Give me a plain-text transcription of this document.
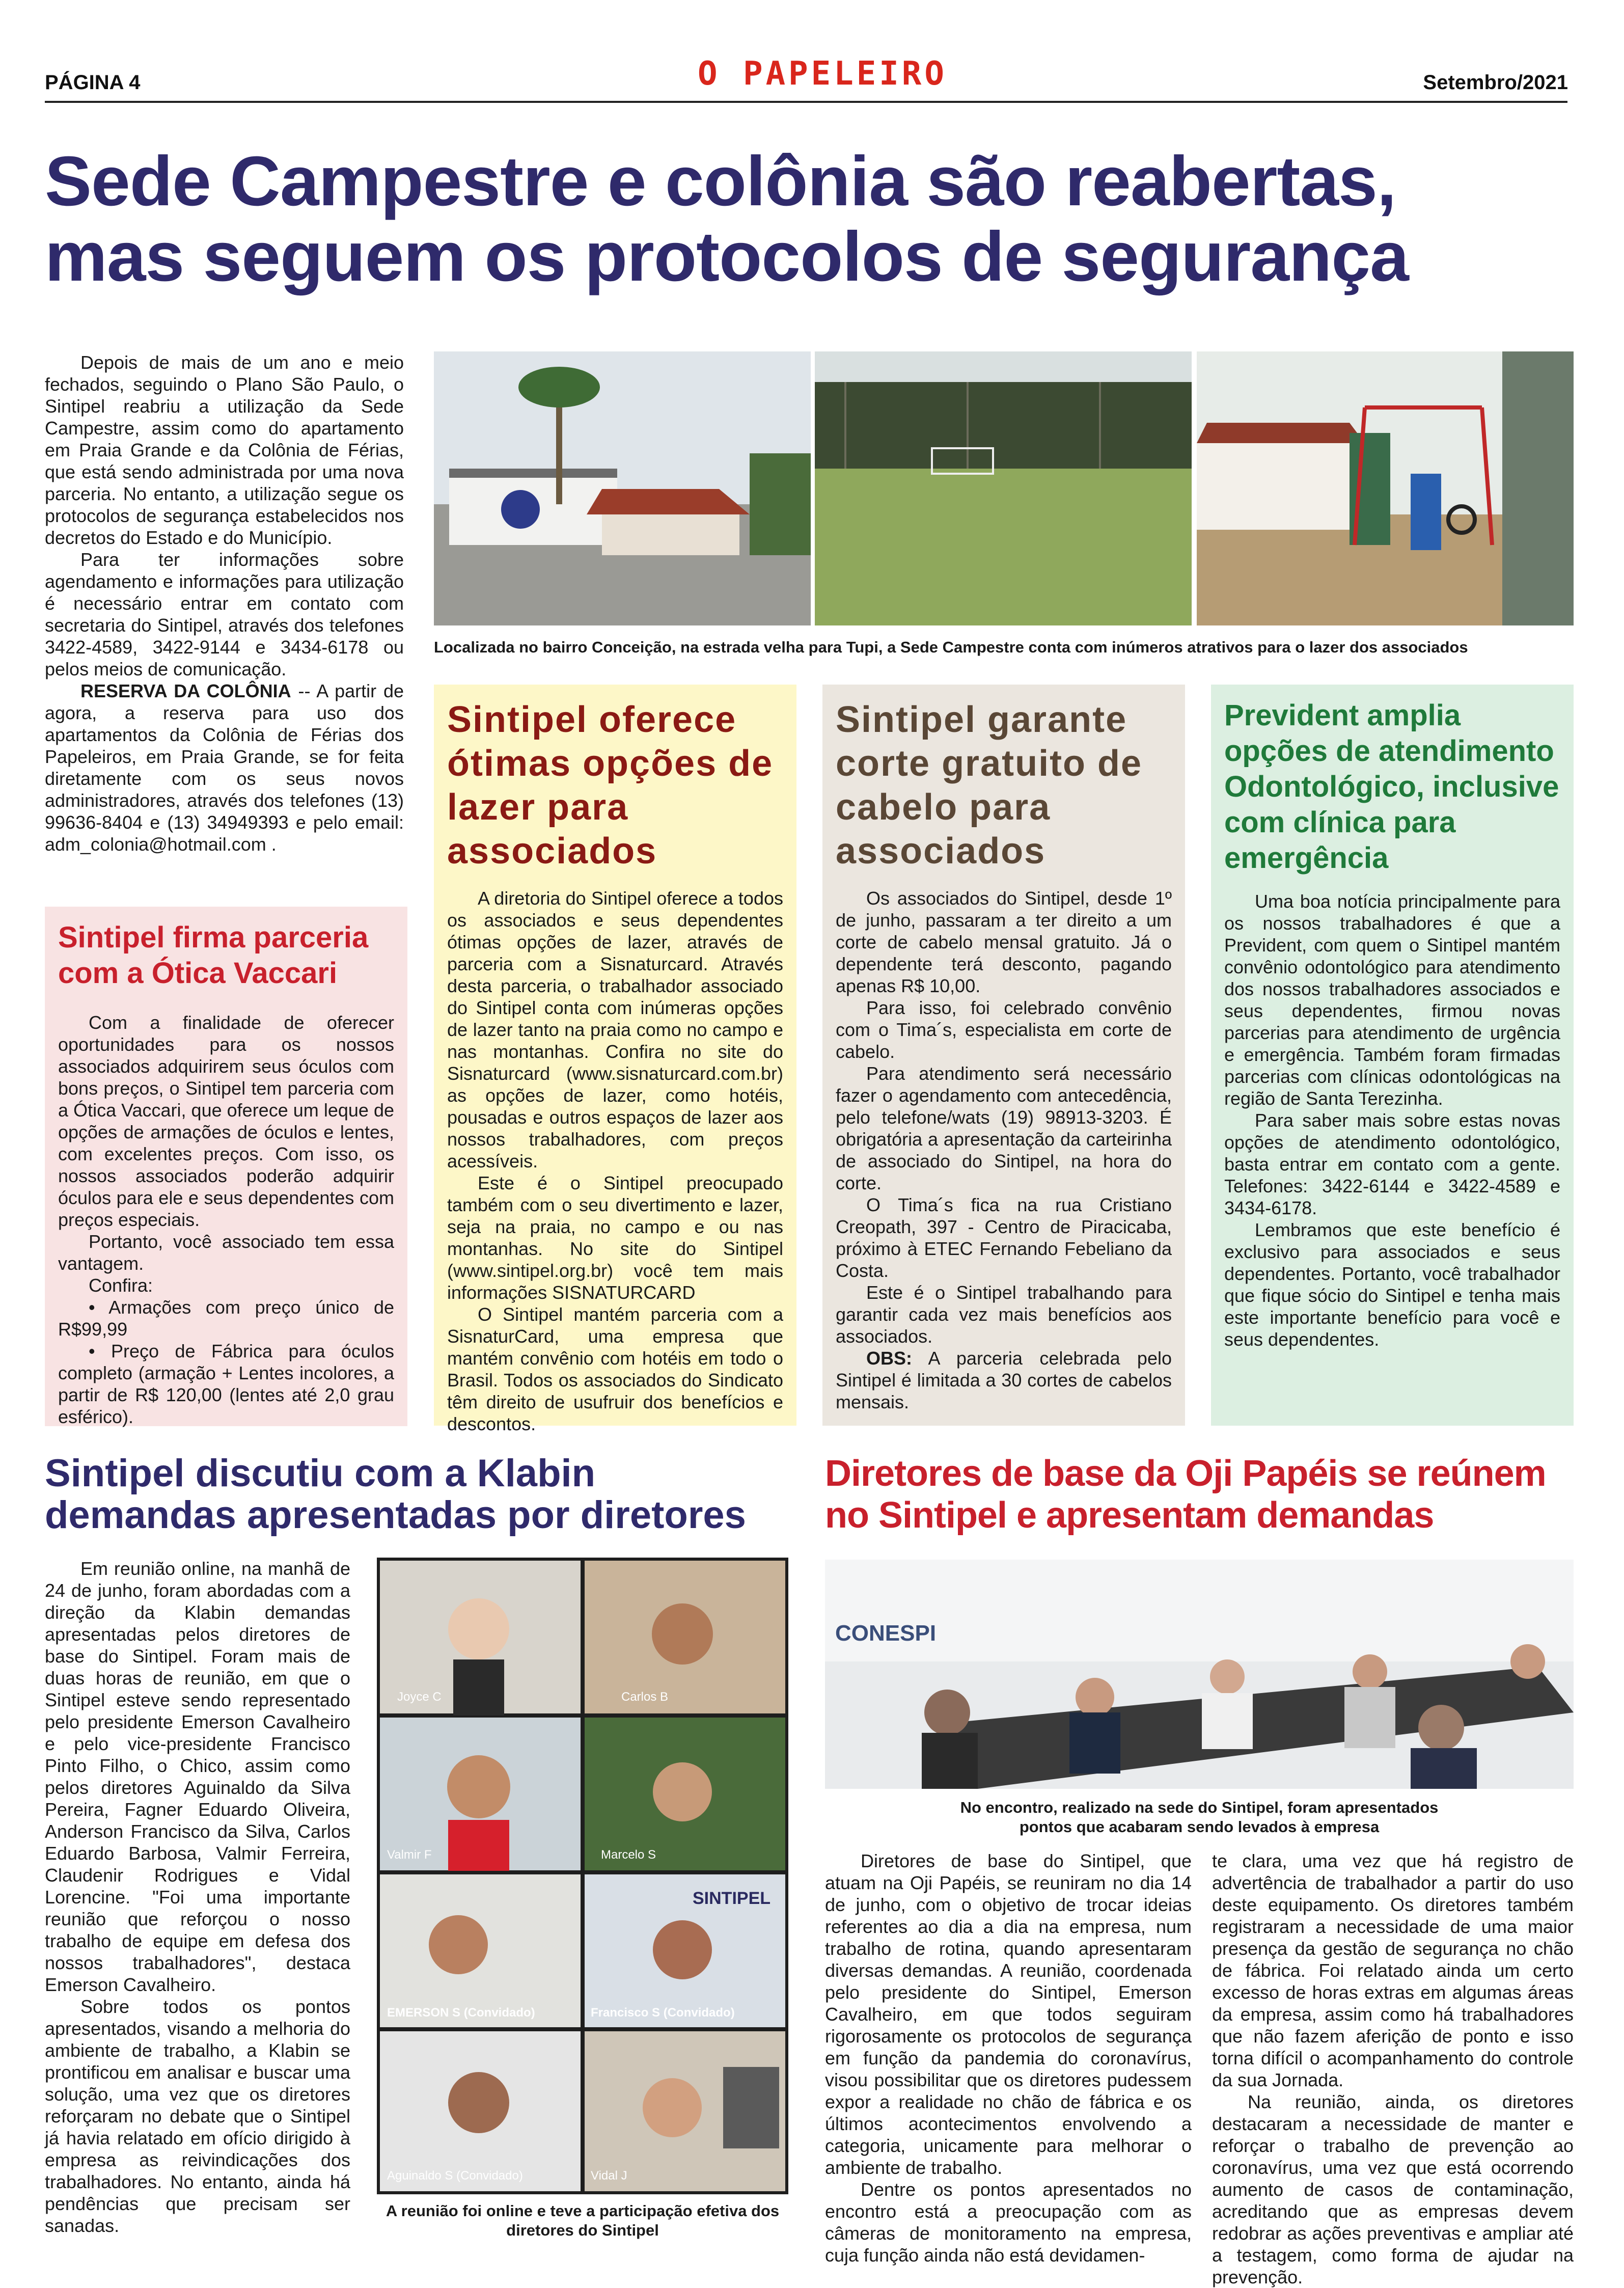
PÁGINA 4	O PAPELEIRO	Setembro/2021
Sede Campestre e colônia são reabertas,
mas seguem os protocolos de segurança

Depois de mais de um ano e meio fechados, seguindo o Plano São Paulo, o Sintipel reabriu a utilização da Sede Campestre, assim como do apartamento em Praia Grande e da Colônia de Férias, que está sendo administrada por uma nova parceria. No entanto, a utilização segue os protocolos de segurança estabelecidos nos decretos do Estado e do Município.

Para ter informações sobre agendamento e informações para utilização é necessário entrar em contato com secretaria do Sintipel, através dos telefones 3422-4589, 3422-9144 e 3434-6178 ou pelos meios de comunicação.

RESERVA DA COLÔNIA -- A partir de agora, a reserva para uso dos apartamentos da Colônia de Férias dos Papeleiros, em Praia Grande, se for feita diretamente com os seus novos administradores, através dos telefones (13) 99636-8404 e (13) 34949393 e pelo email: adm_colonia@hotmail.com .

Localizada no bairro Conceição, na estrada velha para Tupi, a Sede Campestre conta com inúmeros atrativos para o lazer dos associados
Sintipel oferece ótimas opções de lazer para associados

A diretoria do Sintipel oferece a todos os associados e seus dependentes ótimas opções de lazer, através de parceria com a Sisnaturcard. Através desta parceria, o trabalhador associado do Sintipel conta com inúmeras opções de lazer tanto na praia como no campo e nas montanhas. Confira no site do Sisnaturcard (www.sisnaturcard.com.br) as opções de lazer, como hotéis, pousadas e outros espaços de lazer aos nossos trabalhadores, com preços acessíveis.

Este é o Sintipel preocupado também com o seu divertimento e lazer, seja na praia, no campo e ou nas montanhas. No site do Sintipel (www.sintipel.org.br) você tem mais informações SISNATURCARD

O Sintipel mantém parceria com a SisnaturCard, uma empresa que mantém convênio com hotéis em todo o Brasil. Todos os associados do Sindicato têm direito de usufruir dos benefícios e descontos.

Sintipel garante corte gratuito de cabelo para associados

Os associados do Sintipel, desde 1º de junho, passaram a ter direito a um corte de cabelo mensal gratuito. Já o dependente terá desconto, pagando apenas R$ 10,00.

Para isso, foi celebrado convênio com o Tima´s, especialista em corte de cabelo.

Para atendimento será necessário fazer o agendamento com antecedência, pelo telefone/wats (19) 98913-3203. É obrigatória a apresentação da carteirinha de associado do Sintipel, na hora do corte.

O Tima´s fica na rua Cristiano Creopath, 397 - Centro de Piracicaba, próximo à ETEC Fernando Febeliano da Costa.

Este é o Sintipel trabalhando para garantir cada vez mais benefícios aos associados.

OBS: A parceria celebrada pelo Sintipel é limitada a 30 cortes de cabelos mensais.

Prevident amplia opções de atendimento Odontológico, inclusive com clínica para emergência

Uma boa notícia principalmente para os nossos trabalhadores é que a Prevident, com quem o Sintipel mantém convênio odontológico para atendimento dos nossos trabalhadores associados e seus dependentes, firmou novas parcerias para atendimento de urgência e emergência. Também foram firmadas parcerias com clínicas odontológicas na região de Santa Terezinha.

Para saber mais sobre estas novas opções de atendimento odontológico, basta entrar em contato com a gente. Telefones: 3422-6144 e 3422-4589 e 3434-6178.

Lembramos que este benefício é exclusivo para associados e seus dependentes. Portanto, você trabalhador que fique sócio do Sintipel e tenha mais este importante benefício para você e seus dependentes.

Sintipel firma parceria com a Ótica Vaccari

Com a finalidade de oferecer oportunidades para os nossos associados adquirirem seus óculos com bons preços, o Sintipel tem parceria com a Ótica Vaccari, que oferece um leque de opções de armações de óculos e lentes, com excelentes preços. Com isso, os nossos associados poderão adquirir óculos para ele e seus dependentes com preços especiais.

Portanto, você associado tem essa vantagem.

Confira:

• Armações com preço único de R$99,99

• Preço de Fábrica para óculos completo (armação + Lentes incolores, a partir de R$ 120,00 (lentes até 2,0 grau esférico).

Sintipel discutiu com a Klabin
demandas apresentadas por diretores

Em reunião online, na manhã de 24 de junho, foram abordadas com a direção da Klabin demandas apresentadas pelos diretores de base do Sintipel. Foram mais de duas horas de reunião, em que o Sintipel esteve sendo representado pelo presidente Emerson Cavalheiro e pelo vice-presidente Francisco Pinto Filho, o Chico, assim como pelos diretores Aguinaldo da Silva Pereira, Fagner Eduardo Oliveira, Anderson Francisco da Silva, Carlos Eduardo Barbosa, Valmir Ferreira, Claudenir Rodrigues e Vidal Lorencine. "Foi uma importante reunião que reforçou o nosso trabalho de equipe em defesa dos nossos trabalhadores", destaca Emerson Cavalheiro.

Sobre todos os pontos apresentados, visando a melhoria do ambiente de trabalho, a Klabin se prontificou em analisar e buscar uma solução, uma vez que os diretores reforçaram no debate que o Sintipel já havia relatado em ofício dirigido à empresa as reivindicações dos trabalhadores. No entanto, ainda há pendências que precisam ser sanadas.

Joyce C	Carlos B
Valmir F	Marcelo S
EMERSON S (Convidado)	Francisco S (Convidado)
Aguinaldo S (Convidado)	Vidal J
SINTIPEL
A reunião foi online e teve a participação efetiva dos diretores do Sintipel
Diretores de base da Oji Papéis se reúnem
no Sintipel e apresentam demandas
CONESPI
No encontro, realizado na sede do Sintipel, foram apresentados
pontos que acabaram sendo levados à empresa

Diretores de base do Sintipel, que atuam na Oji Papéis, se reuniram no dia 14 de junho, com o objetivo de trocar ideias referentes ao dia a dia na empresa, num trabalho de rotina, quando apresentaram diversas demandas. A reunião, coordenada pelo presidente do Sintipel, Emerson Cavalheiro, em que todos seguiram rigorosamente os protocolos de segurança em função da pandemia do coronavírus, visou possibilitar que os diretores pudessem expor a realidade no chão de fábrica e os últimos acontecimentos envolvendo a categoria, unicamente para melhorar o ambiente de trabalho.

Dentre os pontos apresentados no encontro está a preocupação com as câmeras de monitoramento na empresa, cuja função ainda não está devidamen-

te clara, uma vez que há registro de advertência de trabalhador a partir do uso deste equipamento. Os diretores também registraram a necessidade de uma maior presença da gestão de segurança no chão de fábrica. Foi relatado ainda um certo excesso de horas extras em algumas áreas da empresa, assim como há trabalhadores que não fazem aferição de ponto e isso torna difícil o acompanhamento do controle da sua Jornada.

Na reunião, ainda, os diretores destacaram a necessidade de manter e reforçar o trabalho de prevenção ao coronavírus, uma vez que está ocorrendo aumento de casos de contaminação, acreditando que as empresas devem redobrar as ações preventivas e ampliar até a testagem, como forma de ajudar na prevenção.
